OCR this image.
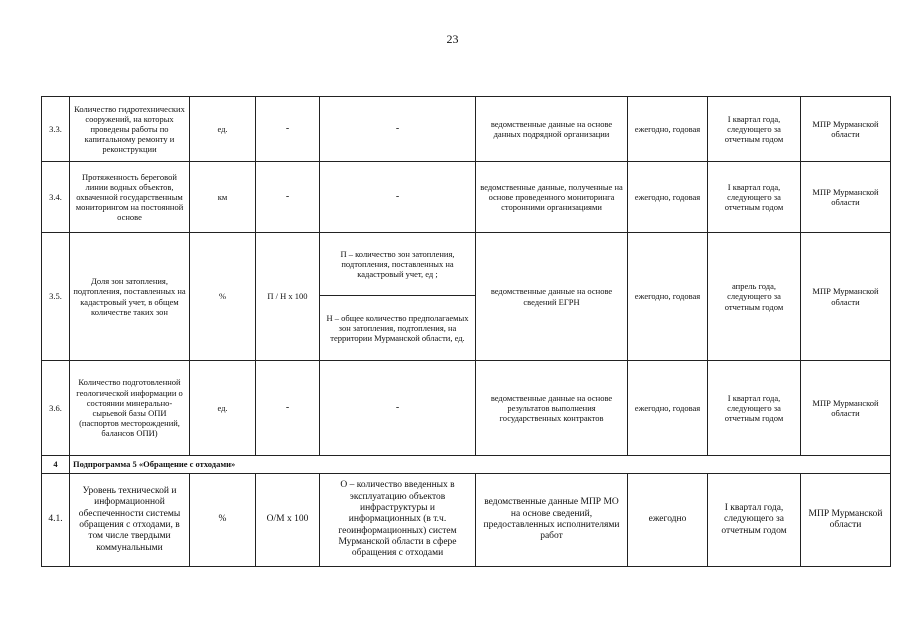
23
3.3.	Количество гидротехнических сооружений, на которых проведены работы по капитальному ремонту и реконструкции	ед.	-	-	ведомственные данные на основе данных подрядной организации	ежегодно, годовая	I квартал года, следующего за отчетным годом	МПР Мурманской области
3.4.	Протяженность береговой линии водных объектов, охваченной государственным мониторингом на постоянной основе	км	-	-	ведомственные данные, полученные на основе проведенного мониторинга сторонними организациями	ежегодно, годовая	I квартал года, следующего за отчетным годом	МПР Мурманской области
3.5.	Доля зон затопления, подтопления, поставленных на кадастровый учет, в общем количестве таких зон	%	П / Н х 100	П – количество зон затопления, подтопления, поставленных на кадастровый учет, ед ;	ведомственные данные на основе сведений ЕГРН	ежегодно, годовая	апрель года, следующего за отчетным годом	МПР Мурманской области
				Н – общее количество предполагаемых зон затопления, подтопления, на территории Мурманской области, ед.				
3.6.	Количество подготовленной геологической информации о состоянии минерально-сырьевой базы ОПИ (паспортов месторождений, балансов ОПИ)	ед.	-	-	ведомственные данные на основе результатов выполнения государственных контрактов	ежегодно, годовая	I квартал года, следующего за отчетным годом	МПР Мурманской области
4	Подпрограмма 5 «Обращение с отходами»							
4.1.	Уровень технической и информационной обеспеченности системы обращения с отходами, в том числе твердыми коммунальными	%	О/М х 100	О – количество введенных в эксплуатацию объектов инфраструктуры и информационных (в т.ч. геоинформационных) систем Мурманской области в сфере обращения с отходами	ведомственные данные МПР МО на основе сведений, предоставленных исполнителями работ	ежегодно	I квартал года, следующего за отчетным годом	МПР Мурманской области
